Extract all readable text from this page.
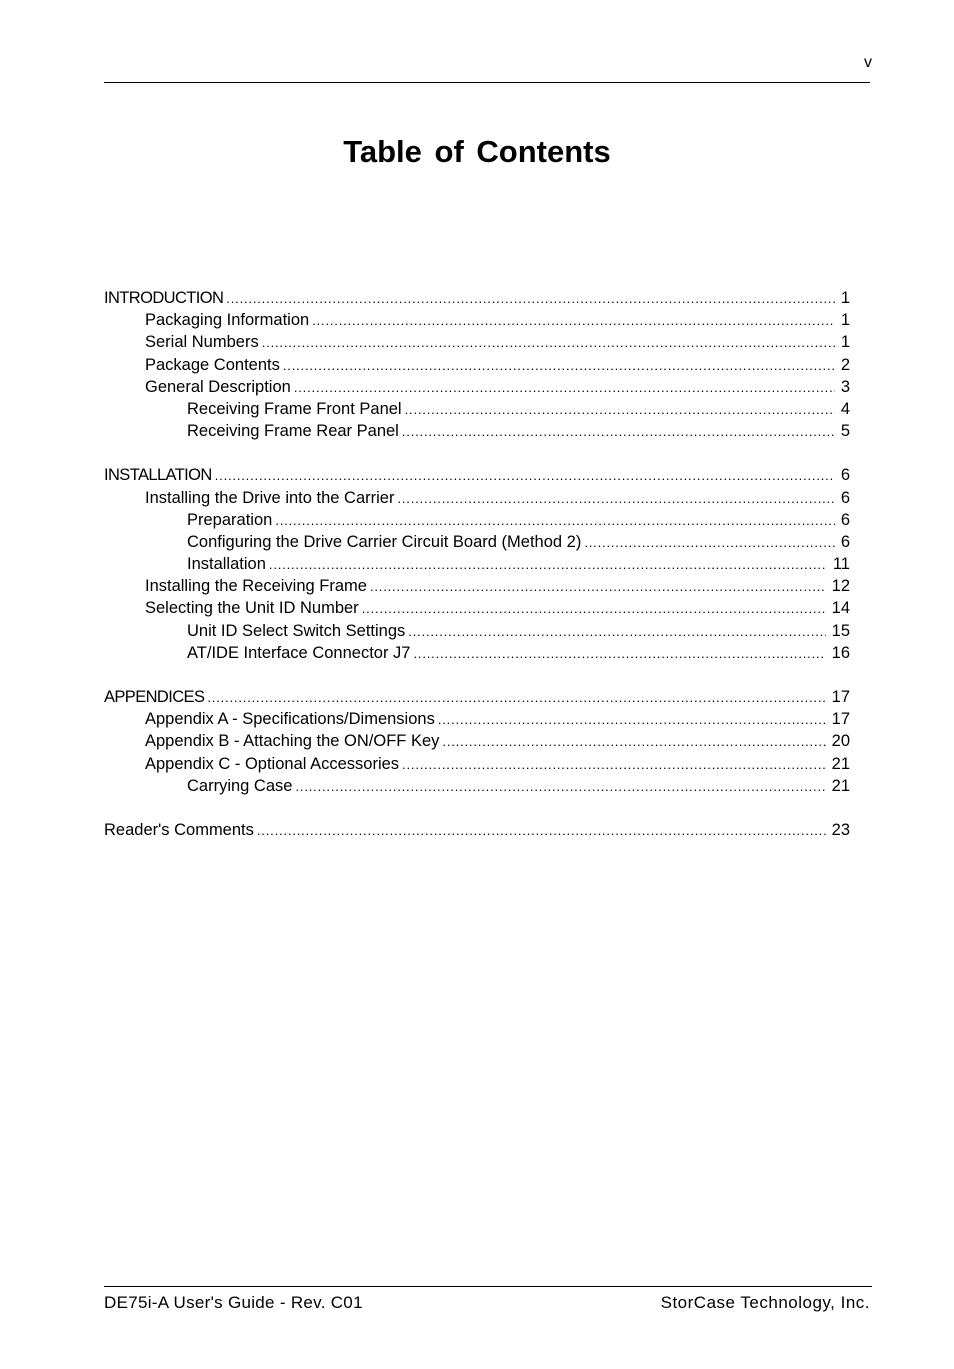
v
Table of Contents
INTRODUCTION . . .	1
Packaging Information . . .	1
Serial Numbers . . .	1
Package Contents . . .	2
General Description . . .	3
Receiving Frame Front Panel . . .	4
Receiving Frame Rear Panel . . .	5
INSTALLATION . . .	6
Installing the Drive into the Carrier . . .	6
Preparation . . .	6
Configuring the Drive Carrier Circuit Board (Method 2) . . .	6
Installation . . .	11
Installing the Receiving Frame . . .	12
Selecting the Unit ID Number . . .	14
Unit ID Select Switch Settings . . .	15
AT/IDE Interface Connector J7 . . .	16
APPENDICES . . .	17
Appendix A - Specifications/Dimensions . . .	17
Appendix B - Attaching the ON/OFF Key . . .	20
Appendix C - Optional Accessories . . .	21
Carrying Case . . .	21
Reader's Comments . . .	23
DE75i-A User's Guide - Rev. C01	StorCase Technology, Inc.
